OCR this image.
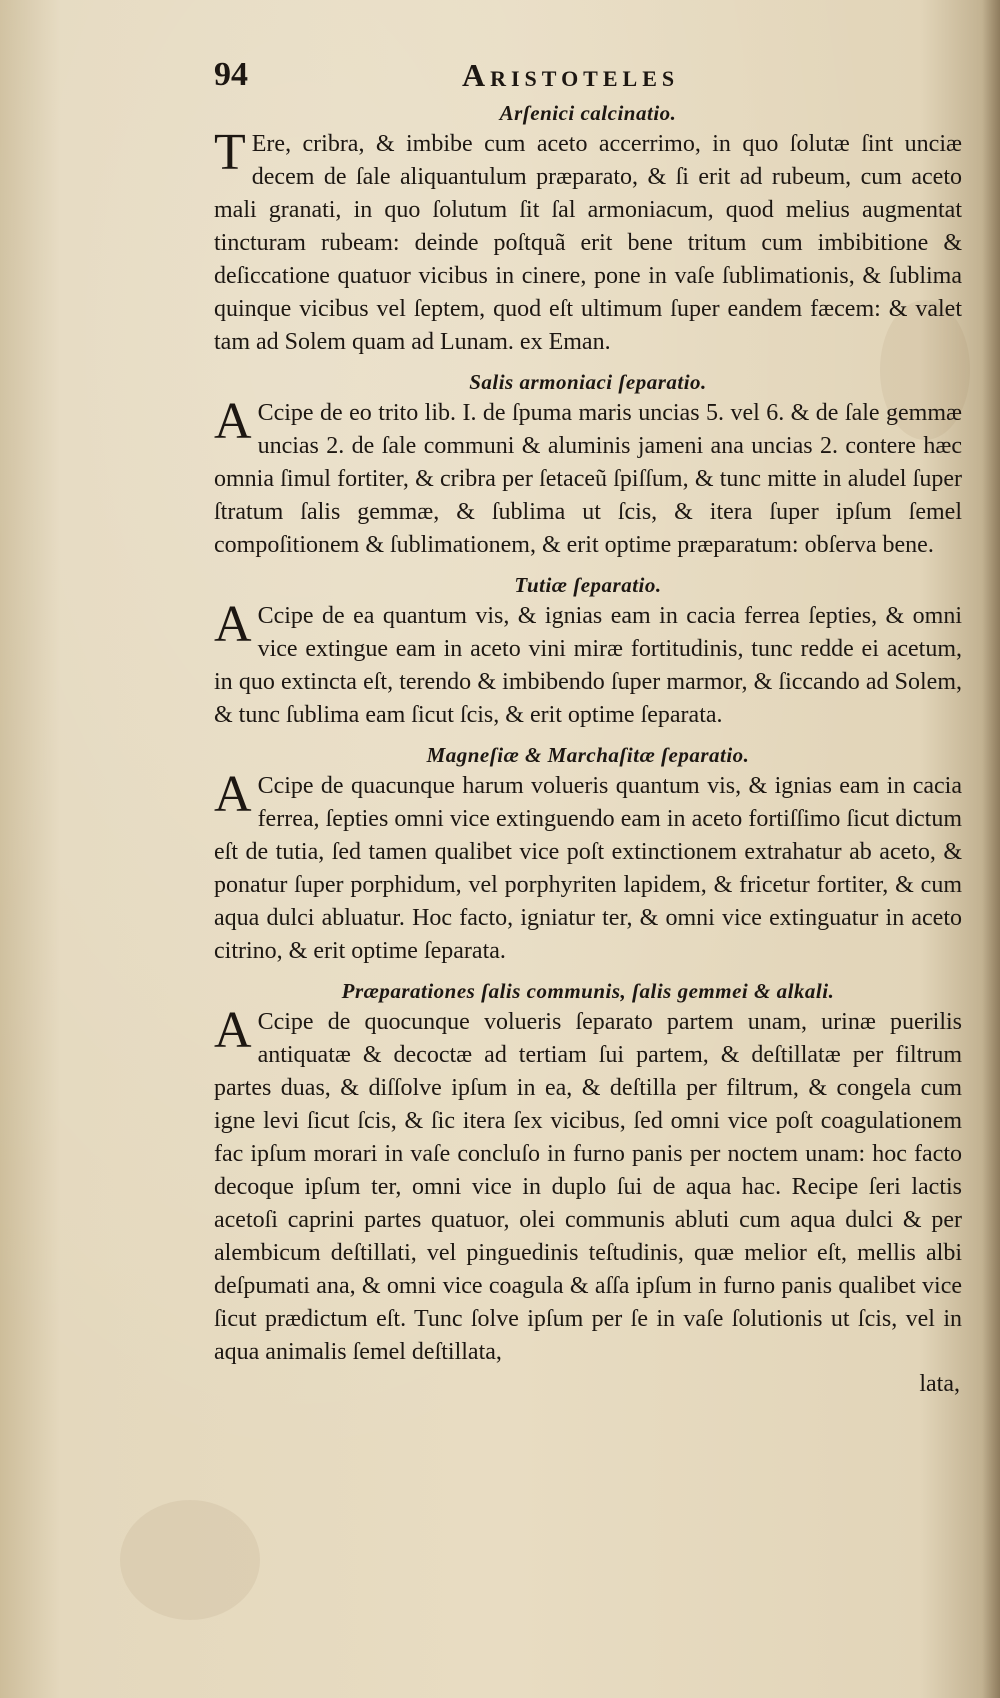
94	Aristoteles
Arſenici calcinatio.

TEre, cribra, & imbibe cum aceto accerrimo, in quo ſolutæ ſint unciæ decem de ſale aliquantulum præparato, & ſi erit ad rubeum, cum aceto mali granati, in quo ſolutum ſit ſal armoniacum, quod melius augmentat tincturam rubeam: deinde poſtquã erit bene tritum cum imbibitione & deſiccatione quatuor vicibus in cinere, pone in vaſe ſublimationis, & ſublima quinque vicibus vel ſeptem, quod eſt ultimum ſuper eandem fæcem: & valet tam ad Solem quam ad Lunam. ex Eman.

Salis armoniaci ſeparatio.

ACcipe de eo trito lib. I. de ſpuma maris uncias 5. vel 6. & de ſale gemmæ uncias 2. de ſale communi & aluminis jameni ana uncias 2. contere hæc omnia ſimul fortiter, & cribra per ſetaceũ ſpiſſum, & tunc mitte in aludel ſuper ſtratum ſalis gemmæ, & ſublima ut ſcis, & itera ſuper ipſum ſemel compoſitionem & ſublimationem, & erit optime præparatum: obſerva bene.

Tutiæ ſeparatio.

ACcipe de ea quantum vis, & ignias eam in cacia ferrea ſepties, & omni vice extingue eam in aceto vini miræ fortitudinis, tunc redde ei acetum, in quo extincta eſt, terendo & imbibendo ſuper marmor, & ſiccando ad Solem, & tunc ſublima eam ſicut ſcis, & erit optime ſeparata.

Magneſiæ & Marchaſitæ ſeparatio.

ACcipe de quacunque harum volueris quantum vis, & ignias eam in cacia ferrea, ſepties omni vice extinguendo eam in aceto fortiſſimo ſicut dictum eſt de tutia, ſed tamen qualibet vice poſt extinctionem extrahatur ab aceto, & ponatur ſuper porphidum, vel porphyriten lapidem, & fricetur fortiter, & cum aqua dulci abluatur. Hoc facto, igniatur ter, & omni vice extinguatur in aceto citrino, & erit optime ſeparata.

Præparationes ſalis communis, ſalis gemmei & alkali.

ACcipe de quocunque volueris ſeparato partem unam, urinæ puerilis antiquatæ & decoctæ ad tertiam ſui partem, & deſtillatæ per filtrum partes duas, & diſſolve ipſum in ea, & deſtilla per filtrum, & congela cum igne levi ſicut ſcis, & ſic itera ſex vicibus, ſed omni vice poſt coagulationem fac ipſum morari in vaſe concluſo in furno panis per noctem unam: hoc facto decoque ipſum ter, omni vice in duplo ſui de aqua hac. Recipe ſeri lactis acetoſi caprini partes quatuor, olei communis abluti cum aqua dulci & per alembicum deſtillati, vel pinguedinis teſtudinis, quæ melior eſt, mellis albi deſpumati ana, & omni vice coagula & aſſa ipſum in furno panis qualibet vice ſicut prædictum eſt. Tunc ſolve ipſum per ſe in vaſe ſolutionis ut ſcis, vel in aqua animalis ſemel deſtillata,

lata,
